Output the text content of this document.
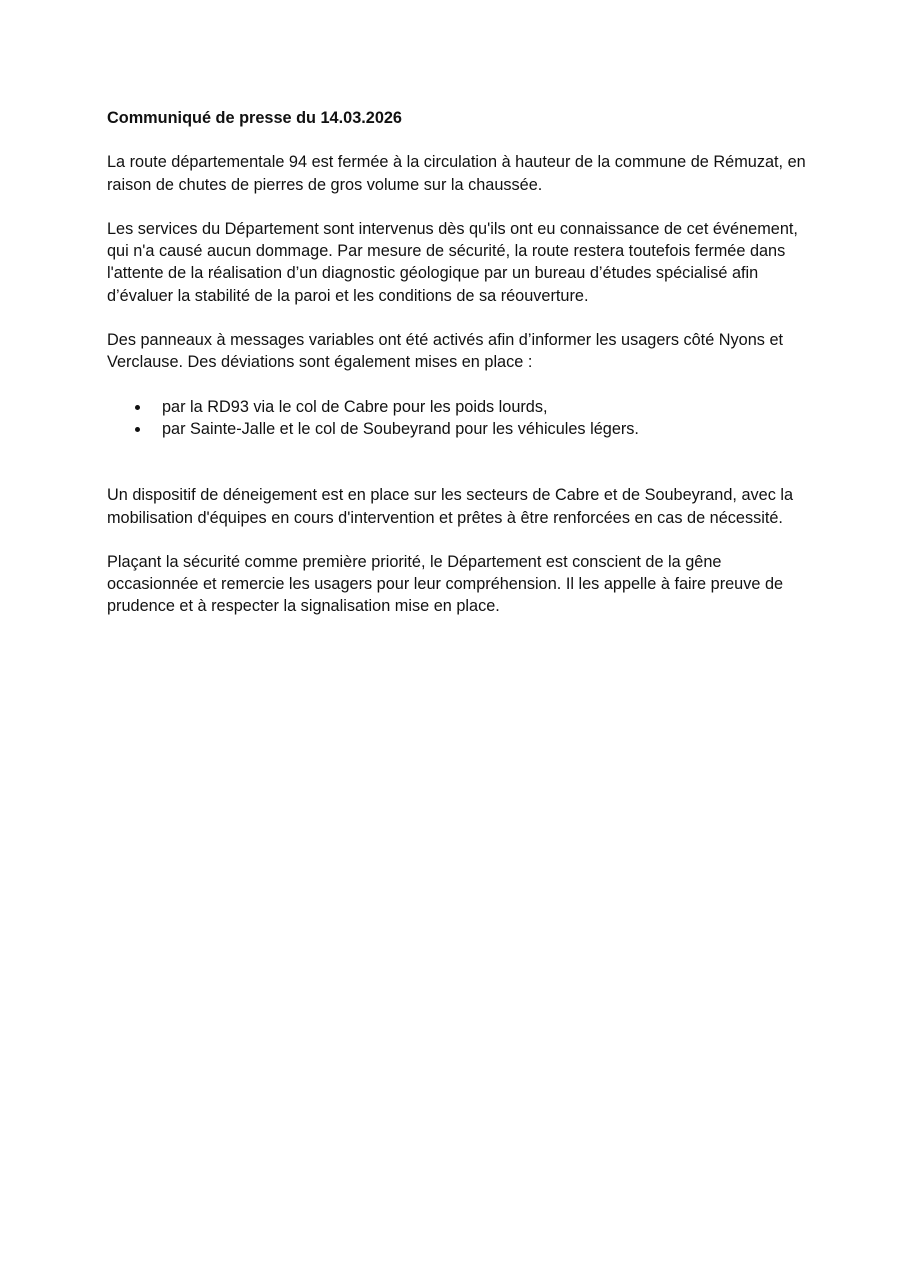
Communiqué de presse du 14.03.2026

La route départementale 94 est fermée à la circulation à hauteur de la commune de Rémuzat, en raison de chutes de pierres de gros volume sur la chaussée.

Les services du Département sont intervenus dès qu'ils ont eu connaissance de cet événement, qui n'a causé aucun dommage. Par mesure de sécurité, la route restera toutefois fermée dans l'attente de la réalisation d’un diagnostic géologique par un bureau d’études spécialisé afin d’évaluer la stabilité de la paroi et les conditions de sa réouverture.

Des panneaux à messages variables ont été activés afin d’informer les usagers côté Nyons et Verclause. Des déviations sont également mises en place :

par la RD93 via le col de Cabre pour les poids lourds,
par Sainte-Jalle et le col de Soubeyrand pour les véhicules légers.

Un dispositif de déneigement est en place sur les secteurs de Cabre et de Soubeyrand, avec la mobilisation d'équipes en cours d'intervention et prêtes à être renforcées en cas de nécessité.

Plaçant la sécurité comme première priorité, le Département est conscient de la gêne occasionnée et remercie les usagers pour leur compréhension. Il les appelle à faire preuve de prudence et à respecter la signalisation mise en place.
